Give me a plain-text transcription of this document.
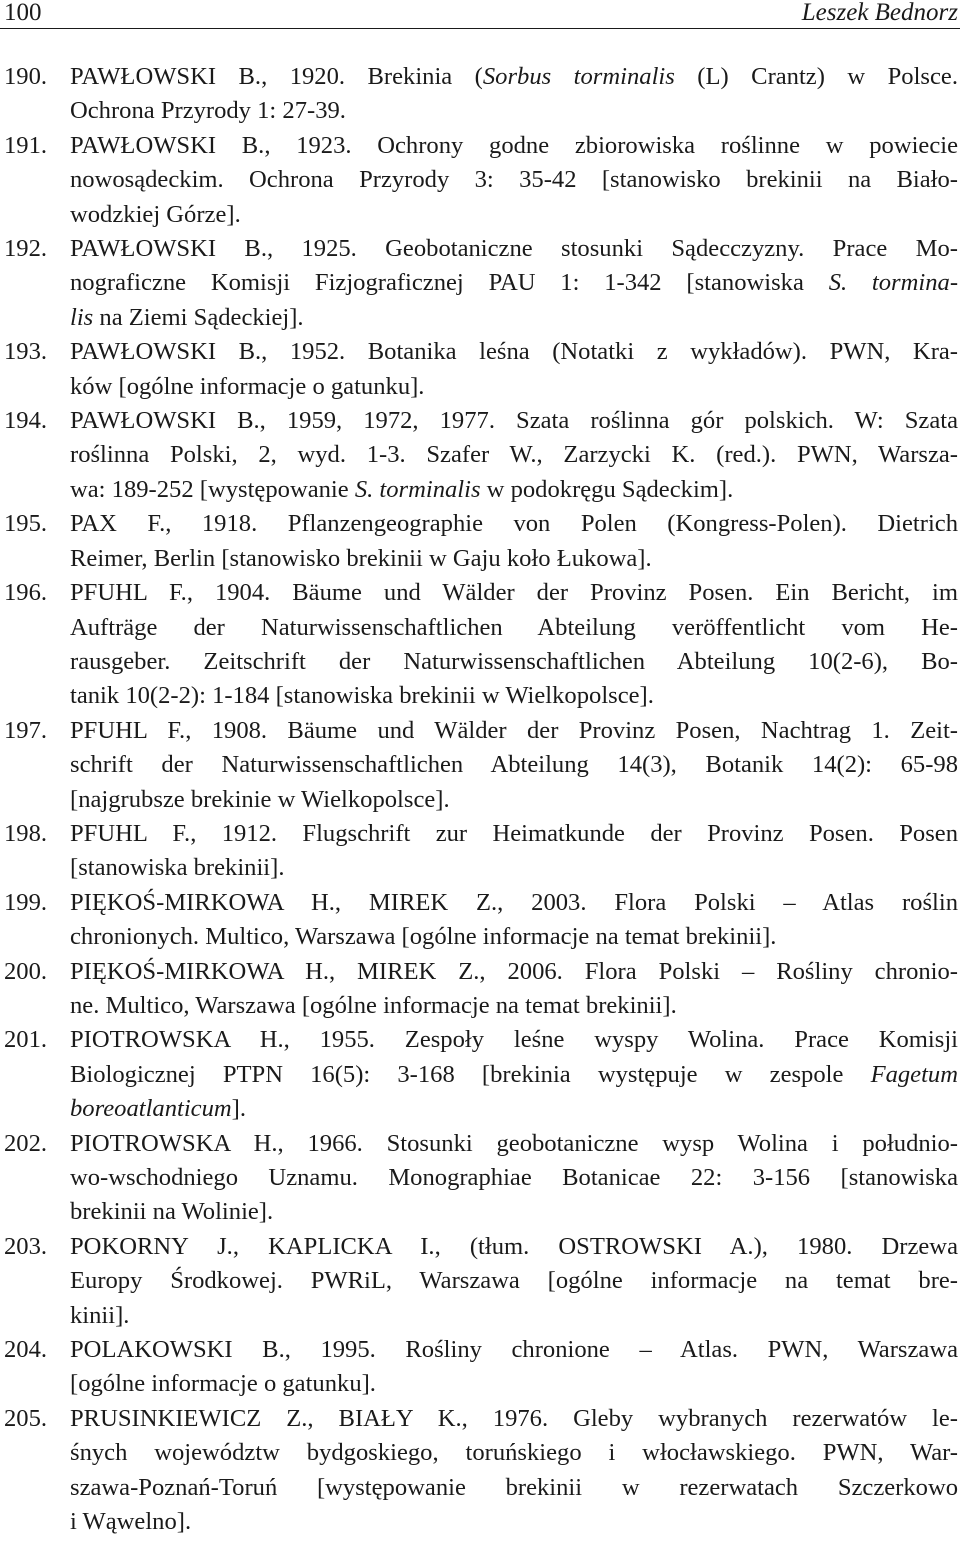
100	Leszek Bednorz
190. PAWŁOWSKI B., 1920. Brekinia (Sorbus torminalis (L) Crantz) w Polsce.
Ochrona Przyrody 1: 27-39.
191. PAWŁOWSKI B., 1923. Ochrony godne zbiorowiska roślinne w powiecie
nowosądeckim. Ochrona Przyrody 3: 35-42 [stanowisko brekinii na Biało-
wodzkiej Górze].
192. PAWŁOWSKI B., 1925. Geobotaniczne stosunki Sądecczyzny. Prace Mo-
nograficzne Komisji Fizjograficznej PAU 1: 1-342 [stanowiska S. tormina-
lis na Ziemi Sądeckiej].
193. PAWŁOWSKI B., 1952. Botanika leśna (Notatki z wykładów). PWN, Kra-
ków [ogólne informacje o gatunku].
194. PAWŁOWSKI B., 1959, 1972, 1977. Szata roślinna gór polskich. W: Szata
roślinna Polski, 2, wyd. 1-3. Szafer W., Zarzycki K. (red.). PWN, Warsza-
wa: 189-252 [występowanie S. torminalis w podokręgu Sądeckim].
195. PAX F., 1918. Pflanzengeographie von Polen (Kongress-Polen). Dietrich
Reimer, Berlin [stanowisko brekinii w Gaju koło Łukowa].
196. PFUHL F., 1904. Bäume und Wälder der Provinz Posen. Ein Bericht, im
Aufträge der Naturwissenschaftlichen Abteilung veröffentlicht vom He-
rausgeber. Zeitschrift der Naturwissenschaftlichen Abteilung 10(2-6), Bo-
tanik 10(2-2): 1-184 [stanowiska brekinii w Wielkopolsce].
197. PFUHL F., 1908. Bäume und Wälder der Provinz Posen, Nachtrag 1. Zeit-
schrift der Naturwissenschaftlichen Abteilung 14(3), Botanik 14(2): 65-98
[najgrubsze brekinie w Wielkopolsce].
198. PFUHL F., 1912. Flugschrift zur Heimatkunde der Provinz Posen. Posen
[stanowiska brekinii].
199. PIĘKOŚ-MIRKOWA H., MIREK Z., 2003. Flora Polski – Atlas roślin
chronionych. Multico, Warszawa [ogólne informacje na temat brekinii].
200. PIĘKOŚ-MIRKOWA H., MIREK Z., 2006. Flora Polski – Rośliny chronio-
ne. Multico, Warszawa [ogólne informacje na temat brekinii].
201. PIOTROWSKA H., 1955. Zespoły leśne wyspy Wolina. Prace Komisji
Biologicznej PTPN 16(5): 3-168 [brekinia występuje w zespole Fagetum
boreoatlanticum].
202. PIOTROWSKA H., 1966. Stosunki geobotaniczne wysp Wolina i południo-
wo-wschodniego Uznamu. Monographiae Botanicae 22: 3-156 [stanowiska
brekinii na Wolinie].
203. POKORNY J., KAPLICKA I., (tłum. OSTROWSKI A.), 1980. Drzewa
Europy Środkowej. PWRiL, Warszawa [ogólne informacje na temat bre-
kinii].
204. POLAKOWSKI B., 1995. Rośliny chronione – Atlas. PWN, Warszawa
[ogólne informacje o gatunku].
205. PRUSINKIEWICZ Z., BIAŁY K., 1976. Gleby wybranych rezerwatów le-
śnych województw bydgoskiego, toruńskiego i włocławskiego. PWN, War-
szawa-Poznań-Toruń [występowanie brekinii w rezerwatach Szczerkowo
i Wąwelno].
